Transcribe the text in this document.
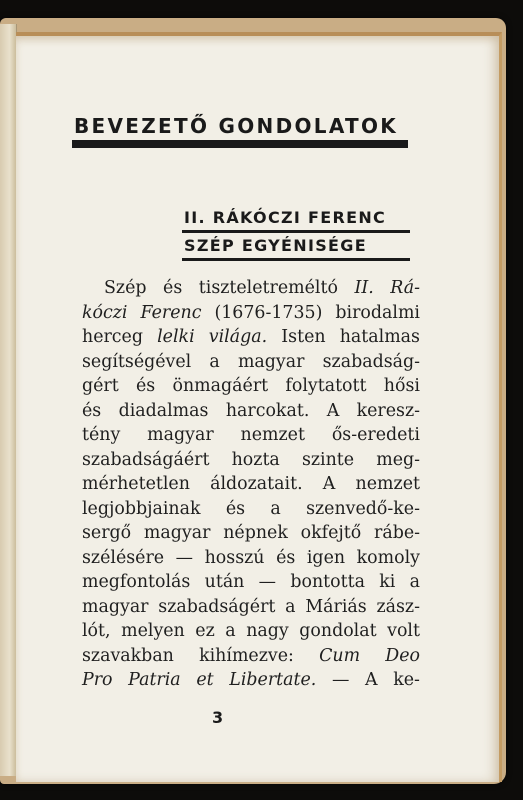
BEVEZETŐ GONDOLATOK
II. RÁKÓCZI FERENC
SZÉP EGYÉNISÉGE
Szép és tiszteletreméltó II. Rá-
kóczi Ferenc (1676-1735) birodalmi
herceg lelki világa. Isten hatalmas
segítségével a magyar szabadság-
gért és önmagáért folytatott hősi
és diadalmas harcokat. A keresz-
tény magyar nemzet ős-eredeti
szabadságáért hozta szinte meg-
mérhetetlen áldozatait. A nemzet
legjobbjainak és a szenvedő-ke-
sergő magyar népnek okfejtő rábe-
szélésére — hosszú és igen komoly
megfontolás után — bontotta ki a
magyar szabadságért a Máriás zász-
lót, melyen ez a nagy gondolat volt
szavakban kihímezve: Cum Deo
Pro Patria et Libertate. — A ke-
3
